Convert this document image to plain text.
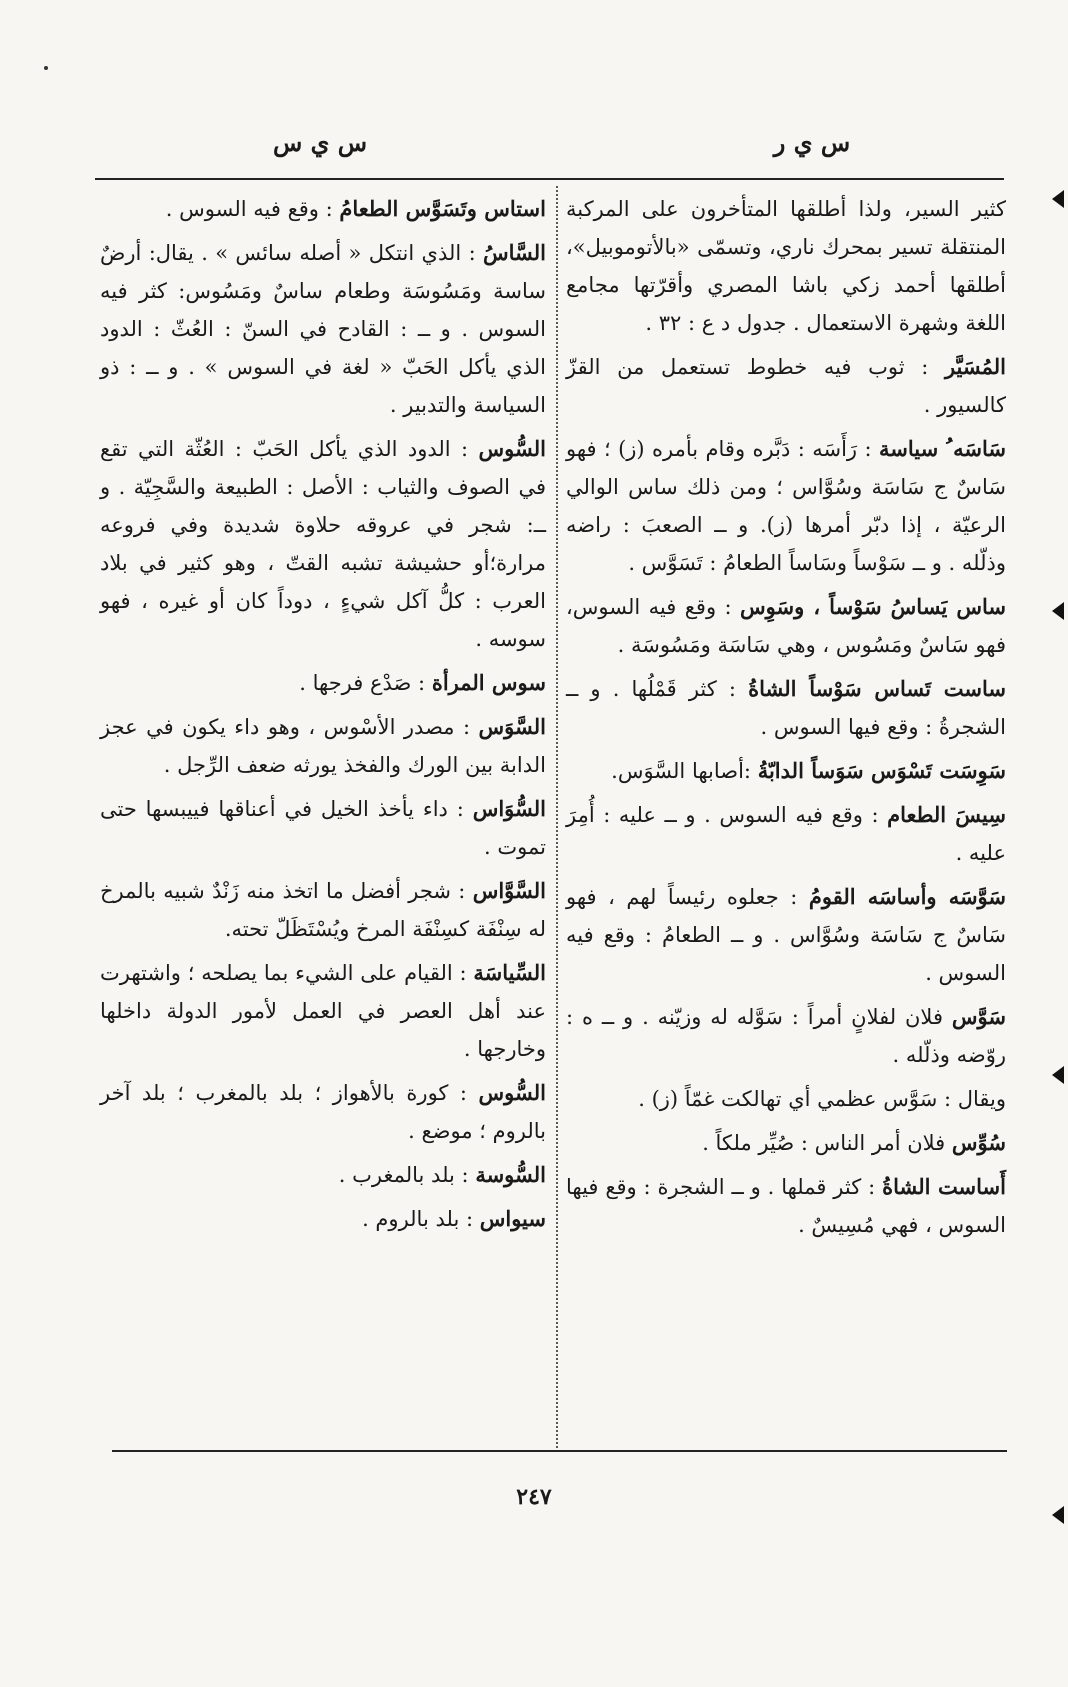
س ي ر
س ي س

كثير السير، ولذا أطلقها المتأخرون على المركبة المنتقلة تسير بمحرك ناري، وتسمّى «بالأتوموبيل»، أطلقها أحمد زكي باشا المصري وأقرّتها مجامع اللغة وشهرة الاستعمال . جدول د ع : ٣٢ .

المُسَيَّر : ثوب فيه خطوط تستعمل من القزّ كالسيور .

سَاسَه ُ سياسة : رَأَسَه : دَبَّره وقام بأمره (ز) ؛ فهو سَاسٌ ج سَاسَة وسُوَّاس ؛ ومن ذلك ساس الوالي الرعيّة ، إذا دبّر أمرها (ز). و ــ الصعبَ : راضه وذلّله . و ــ سَوْساً وسَاساً الطعامُ : تَسَوَّس .

ساس يَساسُ سَوْساً ، وسَوِس : وقع فيه السوس، فهو سَاسٌ ومَسُوس ، وهي سَاسَة ومَسُوسَة .

ساست تَساس سَوْساً الشاةُ : كثر قَمْلُها . و ــ الشجرةُ : وقع فيها السوس .

سَوِسَت تَسْوَس سَوَساً الدابّةُ :أصابها السَّوَس.

سِيسَ الطعام : وقع فيه السوس . و ــ عليه : أُمِرَ عليه .

سَوَّسَه وأساسَه القومُ : جعلوه رئيساً لهم ، فهو سَاسٌ ج سَاسَة وسُوَّاس . و ــ الطعامُ : وقع فيه السوس .

سَوَّس فلان لفلانٍ أمراً : سَوَّله له وزيّنه . و ــ ه : روّضه وذلّله .

ويقال : سَوَّس عظمي أي تهالكت غمّاً (ز) .

سُوِّس فلان أمر الناس : صُيِّر ملكاً .

أَساست الشاةُ : كثر قملها . و ــ الشجرة : وقع فيها السوس ، فهي مُسِيسٌ .

استاس وتَسَوَّس الطعامُ : وقع فيه السوس .

السَّاسُ : الذي انتكل « أصله سائس » . يقال: أرضٌ ساسة ومَسُوسَة وطعام ساسٌ ومَسُوس: كثر فيه السوس . و ــ : القادح في السنّ : العُثّ : الدود الذي يأكل الحَبّ « لغة في السوس » . و ــ : ذو السياسة والتدبير .

السُّوس : الدود الذي يأكل الحَبّ : العُثّة التي تقع في الصوف والثياب : الأصل : الطبيعة والسَّجِيّة . و ــ: شجر في عروقه حلاوة شديدة وفي فروعه مرارة؛أو حشيشة تشبه القتّ ، وهو كثير في بلاد العرب : كلُّ آكل شيءٍ ، دوداً كان أو غيره ، فهو سوسه .

سوس المرأة : صَدْع فرجها .

السَّوَس : مصدر الأسْوس ، وهو داء يكون في عجز الدابة بين الورك والفخذ يورثه ضعف الرِّجل .

السُّوَاس : داء يأخذ الخيل في أعناقها فييبسها حتى تموت .

السَّوَّاس : شجر أفضل ما اتخذ منه زَنْدٌ شبيه بالمرخ له سِنْفَة كسِنْفَة المرخ ويُسْتَظَلّ تحته.

السِّياسَة : القيام على الشيء بما يصلحه ؛ واشتهرت عند أهل العصر في العمل لأمور الدولة داخلها وخارجها .

السُّوس : كورة بالأهواز ؛ بلد بالمغرب ؛ بلد آخر بالروم ؛ موضع .

السُّوسة : بلد بالمغرب .

سيواس : بلد بالروم .

٢٤٧
